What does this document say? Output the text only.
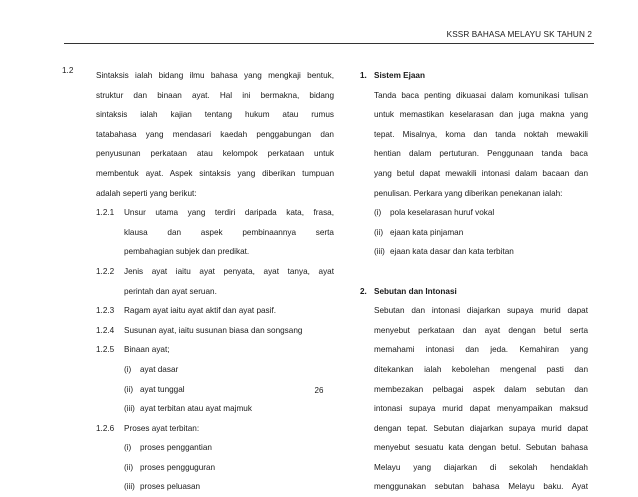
KSSR BAHASA MELAYU SK TAHUN 2
1.2

Sintaksis ialah bidang ilmu bahasa yang mengkaji bentuk,

struktur dan binaan ayat. Hal ini bermakna, bidang

sintaksis ialah kajian tentang hukum atau rumus

tatabahasa yang mendasari kaedah penggabungan dan

penyusunan perkataan atau kelompok perkataan untuk

membentuk ayat. Aspek sintaksis yang diberikan tumpuan

adalah seperti yang berikut:

1.2.1 Unsur utama yang terdiri daripada kata, frasa,

klausa dan aspek pembinaannya serta

pembahagian subjek dan predikat.

1.2.2 Jenis ayat iaitu ayat penyata, ayat tanya, ayat

perintah dan ayat seruan.

1.2.3 Ragam ayat iaitu ayat aktif dan ayat pasif.

1.2.4 Susunan ayat, iaitu susunan biasa dan songsang

1.2.5 Binaan ayat;

(i) ayat dasar

(ii) ayat tunggal

(iii) ayat terbitan atau ayat majmuk

1.2.6 Proses ayat terbitan:

(i) proses penggantian

(ii) proses pengguguran

(iii) proses peluasan

1. Sistem Ejaan

Tanda baca penting dikuasai dalam komunikasi tulisan

untuk memastikan keselarasan dan juga makna yang

tepat. Misalnya, koma dan tanda noktah mewakili

hentian dalam pertuturan. Penggunaan tanda baca

yang betul dapat mewakili intonasi dalam bacaan dan

penulisan. Perkara yang diberikan penekanan ialah:

(i) pola keselarasan huruf vokal

(ii) ejaan kata pinjaman

(iii) ejaan kata dasar dan kata terbitan

2. Sebutan dan Intonasi

Sebutan dan intonasi diajarkan supaya murid dapat

menyebut perkataan dan ayat dengan betul serta

memahami intonasi dan jeda. Kemahiran yang

ditekankan ialah kebolehan mengenal pasti dan

membezakan pelbagai aspek dalam sebutan dan

intonasi supaya murid dapat menyampaikan maksud

dengan tepat. Sebutan diajarkan supaya murid dapat

menyebut sesuatu kata dengan betul. Sebutan bahasa

Melayu yang diajarkan di sekolah hendaklah

menggunakan sebutan bahasa Melayu baku. Ayat

26
